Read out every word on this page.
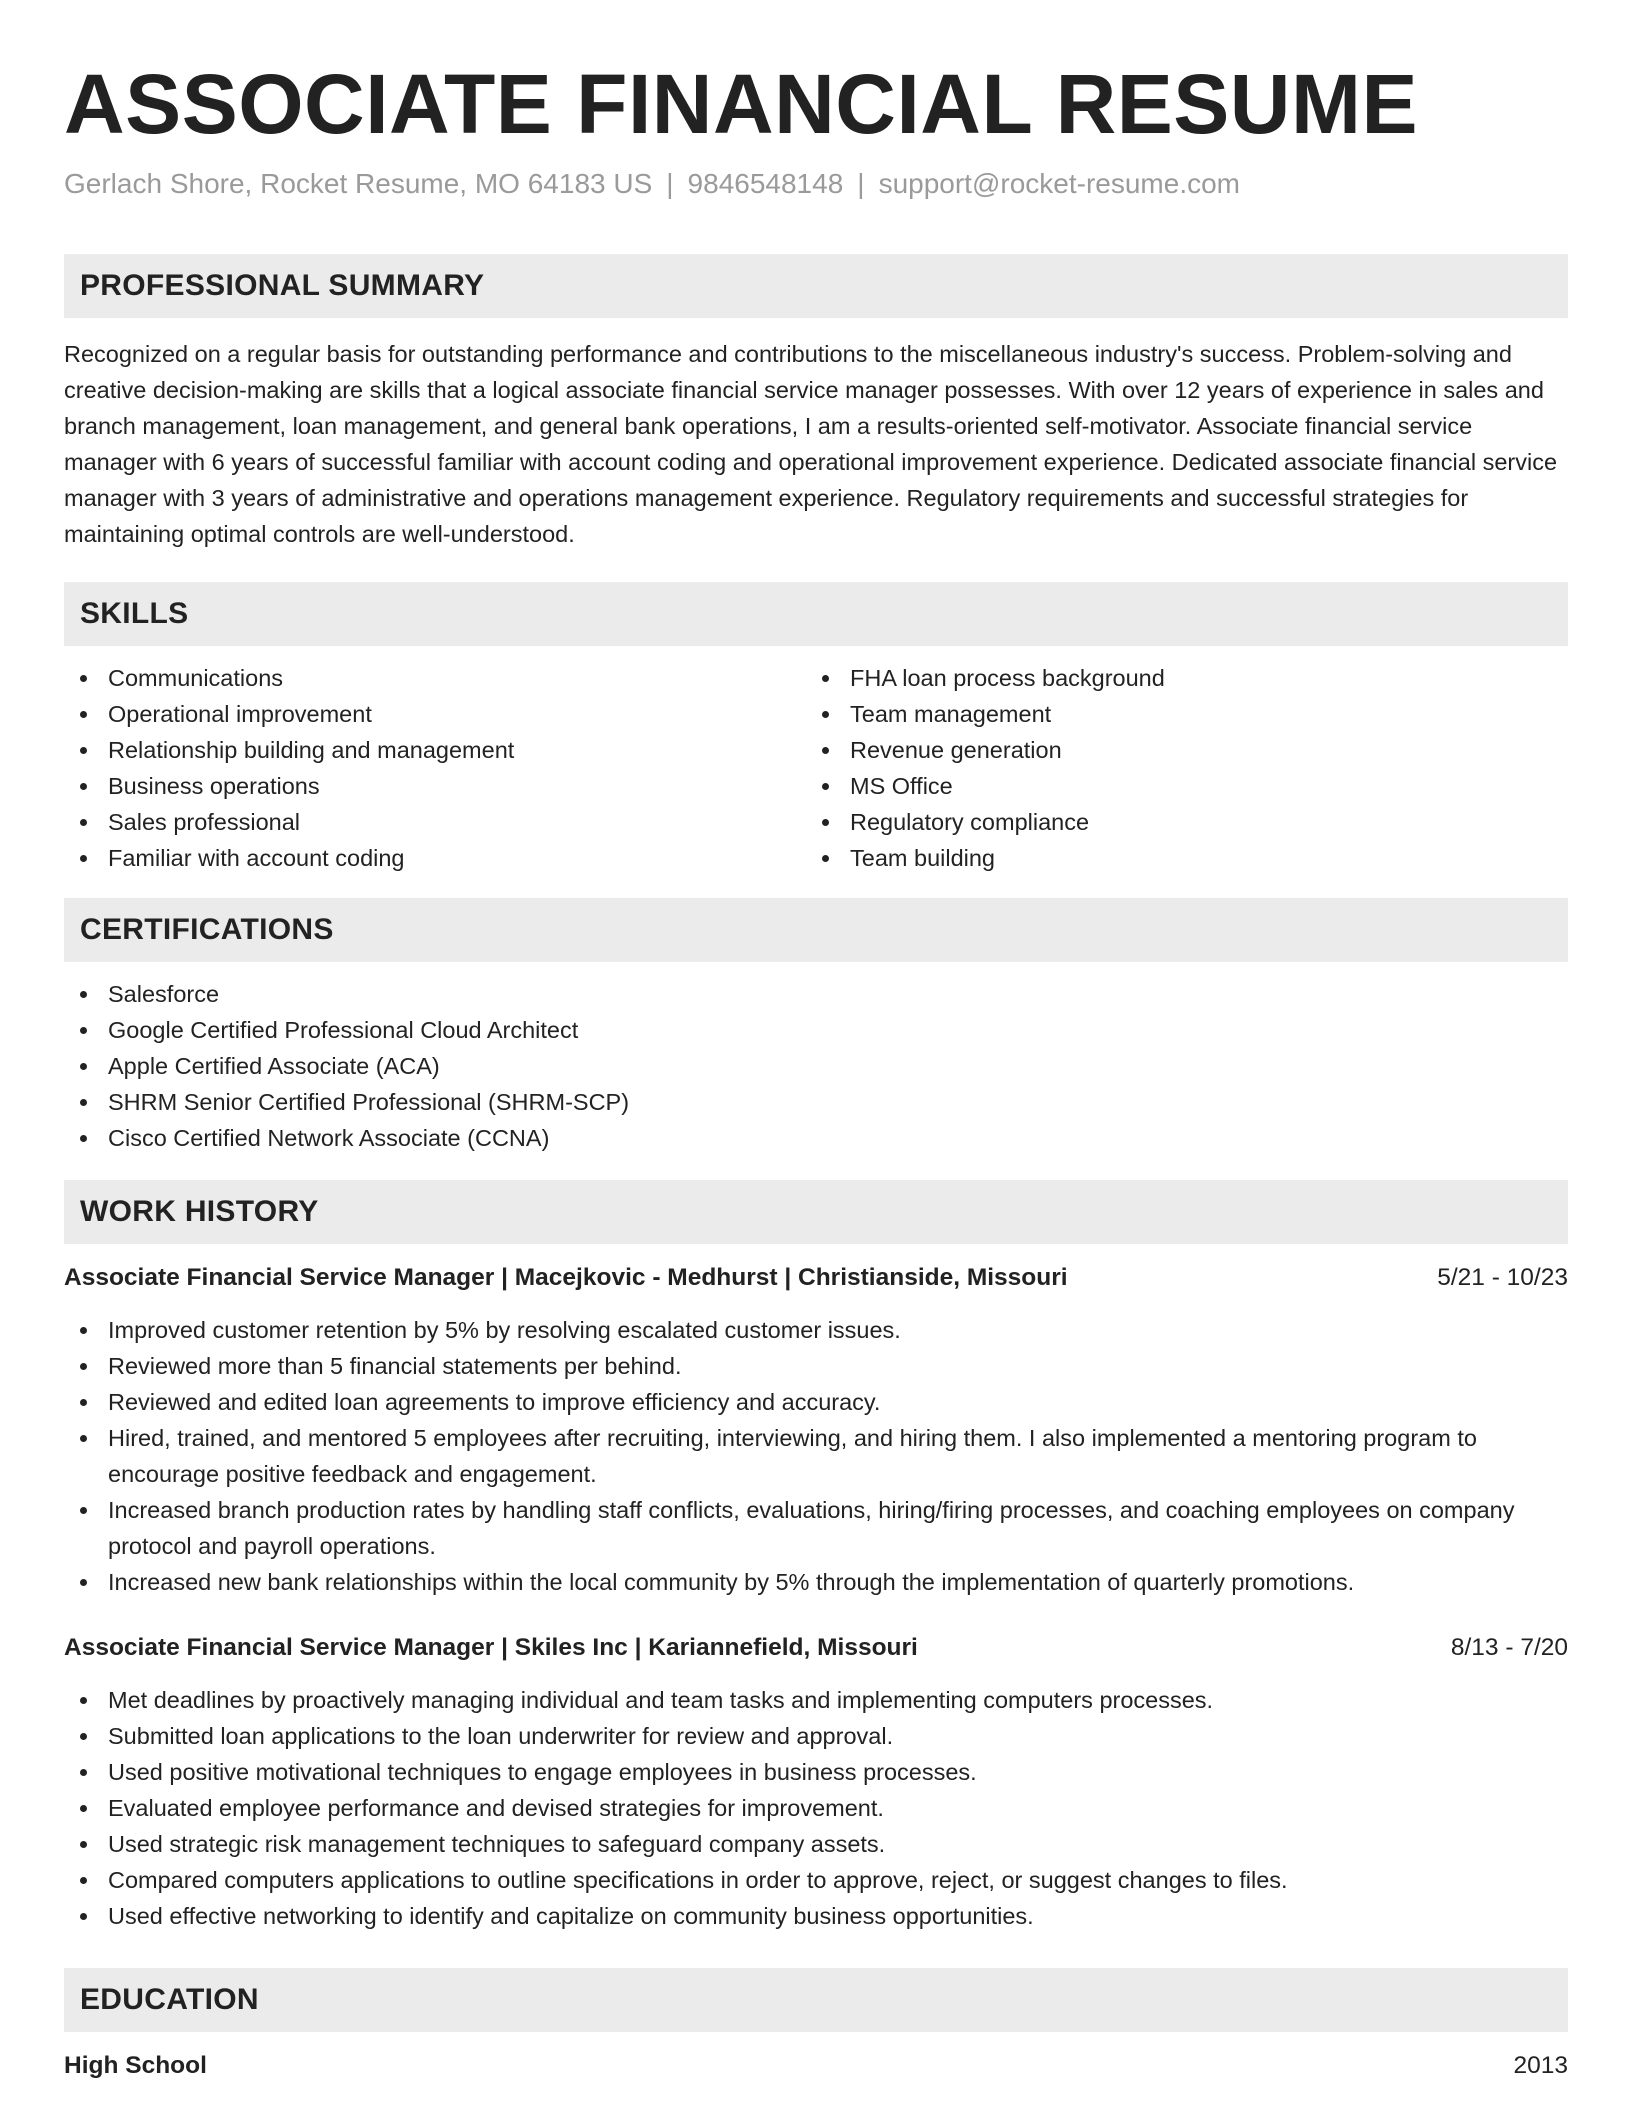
ASSOCIATE FINANCIAL RESUME
Gerlach Shore, Rocket Resume, MO 64183 US | 9846548148 | support@rocket-resume.com
PROFESSIONAL SUMMARY

Recognized on a regular basis for outstanding performance and contributions to the miscellaneous industry's success. Problem-solving and creative decision-making are skills that a logical associate financial service manager possesses. With over 12 years of experience in sales and branch management, loan management, and general bank operations, I am a results-oriented self-motivator. Associate financial service manager with 6 years of successful familiar with account coding and operational improvement experience. Dedicated associate financial service manager with 3 years of administrative and operations management experience. Regulatory requirements and successful strategies for maintaining optimal controls are well-understood.

SKILLS
Communications
Operational improvement
Relationship building and management
Business operations
Sales professional
Familiar with account coding
FHA loan process background
Team management
Revenue generation
MS Office
Regulatory compliance
Team building
CERTIFICATIONS
Salesforce
Google Certified Professional Cloud Architect
Apple Certified Associate (ACA)
SHRM Senior Certified Professional (SHRM-SCP)
Cisco Certified Network Associate (CCNA)
WORK HISTORY
Associate Financial Service Manager | Macejkovic - Medhurst | Christianside, Missouri	5/21 - 10/23
Improved customer retention by 5% by resolving escalated customer issues.
Reviewed more than 5 financial statements per behind.
Reviewed and edited loan agreements to improve efficiency and accuracy.
Hired, trained, and mentored 5 employees after recruiting, interviewing, and hiring them. I also implemented a mentoring program to encourage positive feedback and engagement.
Increased branch production rates by handling staff conflicts, evaluations, hiring/firing processes, and coaching employees on company protocol and payroll operations.
Increased new bank relationships within the local community by 5% through the implementation of quarterly promotions.
Associate Financial Service Manager | Skiles Inc | Kariannefield, Missouri	8/13 - 7/20
Met deadlines by proactively managing individual and team tasks and implementing computers processes.
Submitted loan applications to the loan underwriter for review and approval.
Used positive motivational techniques to engage employees in business processes.
Evaluated employee performance and devised strategies for improvement.
Used strategic risk management techniques to safeguard company assets.
Compared computers applications to outline specifications in order to approve, reject, or suggest changes to files.
Used effective networking to identify and capitalize on community business opportunities.
EDUCATION
High School	2013
